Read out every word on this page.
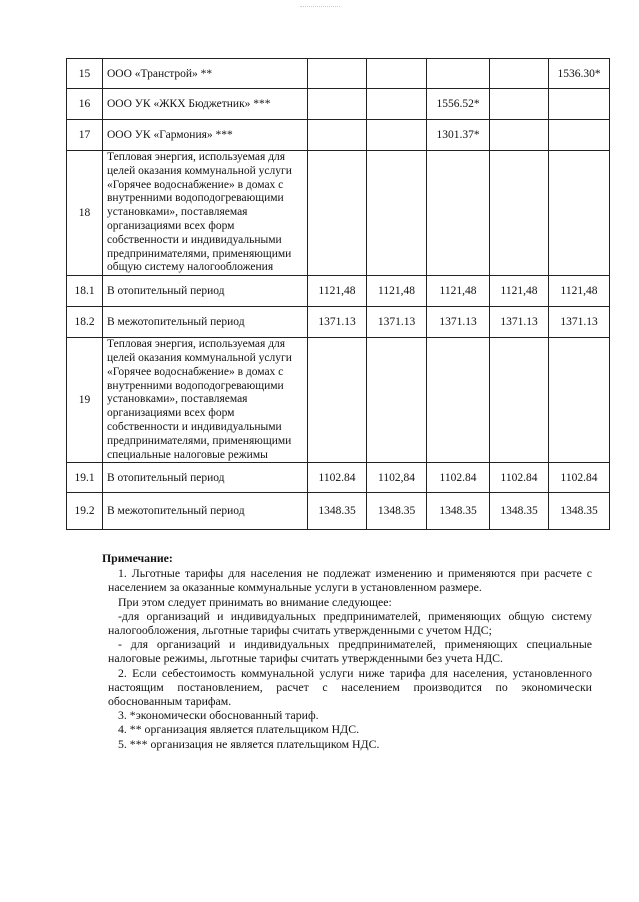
15	ООО «Транстрой» **					1536.30*
16	ООО УК «ЖКХ Бюджетник» ***			1556.52*		
17	ООО УК «Гармония» ***			1301.37*		
18	Тепловая энергия, используемая для целей оказания коммунальной услуги «Горячее водоснабжение» в домах с внутренними водоподогревающими установками», поставляемая организациями всех форм собственности и индивидуальными предпринимателями, применяющими общую систему налогообложения					
18.1	В отопительный период	1121,48	1121,48	1121,48	1121,48	1121,48
18.2	В межотопительный период	1371.13	1371.13	1371.13	1371.13	1371.13
19	Тепловая энергия, используемая для целей оказания коммунальной услуги «Горячее водоснабжение» в домах с внутренними водоподогревающими установками», поставляемая организациями всех форм собственности и индивидуальными предпринимателями, применяющими специальные налоговые режимы					
19.1	В отопительный период	1102.84	1102,84	1102.84	1102.84	1102.84
19.2	В межотопительный период	1348.35	1348.35	1348.35	1348.35	1348.35

Примечание:

1. Льготные тарифы для населения не подлежат изменению и применяются при расчете с населением за оказанные коммунальные услуги в установленном размере.

При этом следует принимать во внимание следующее:

-для организаций и индивидуальных предпринимателей, применяющих общую систему налогообложения, льготные тарифы считать утвержденными с учетом НДС;

- для организаций и индивидуальных предпринимателей, применяющих специальные налоговые режимы, льготные тарифы считать утвержденными без учета НДС.

2. Если себестоимость коммунальной услуги ниже тарифа для населения, установленного настоящим постановлением, расчет с населением производится по экономически обоснованным тарифам.

3. *экономически обоснованный тариф.

4. ** организация является плательщиком НДС.

5. *** организация не является плательщиком НДС.
